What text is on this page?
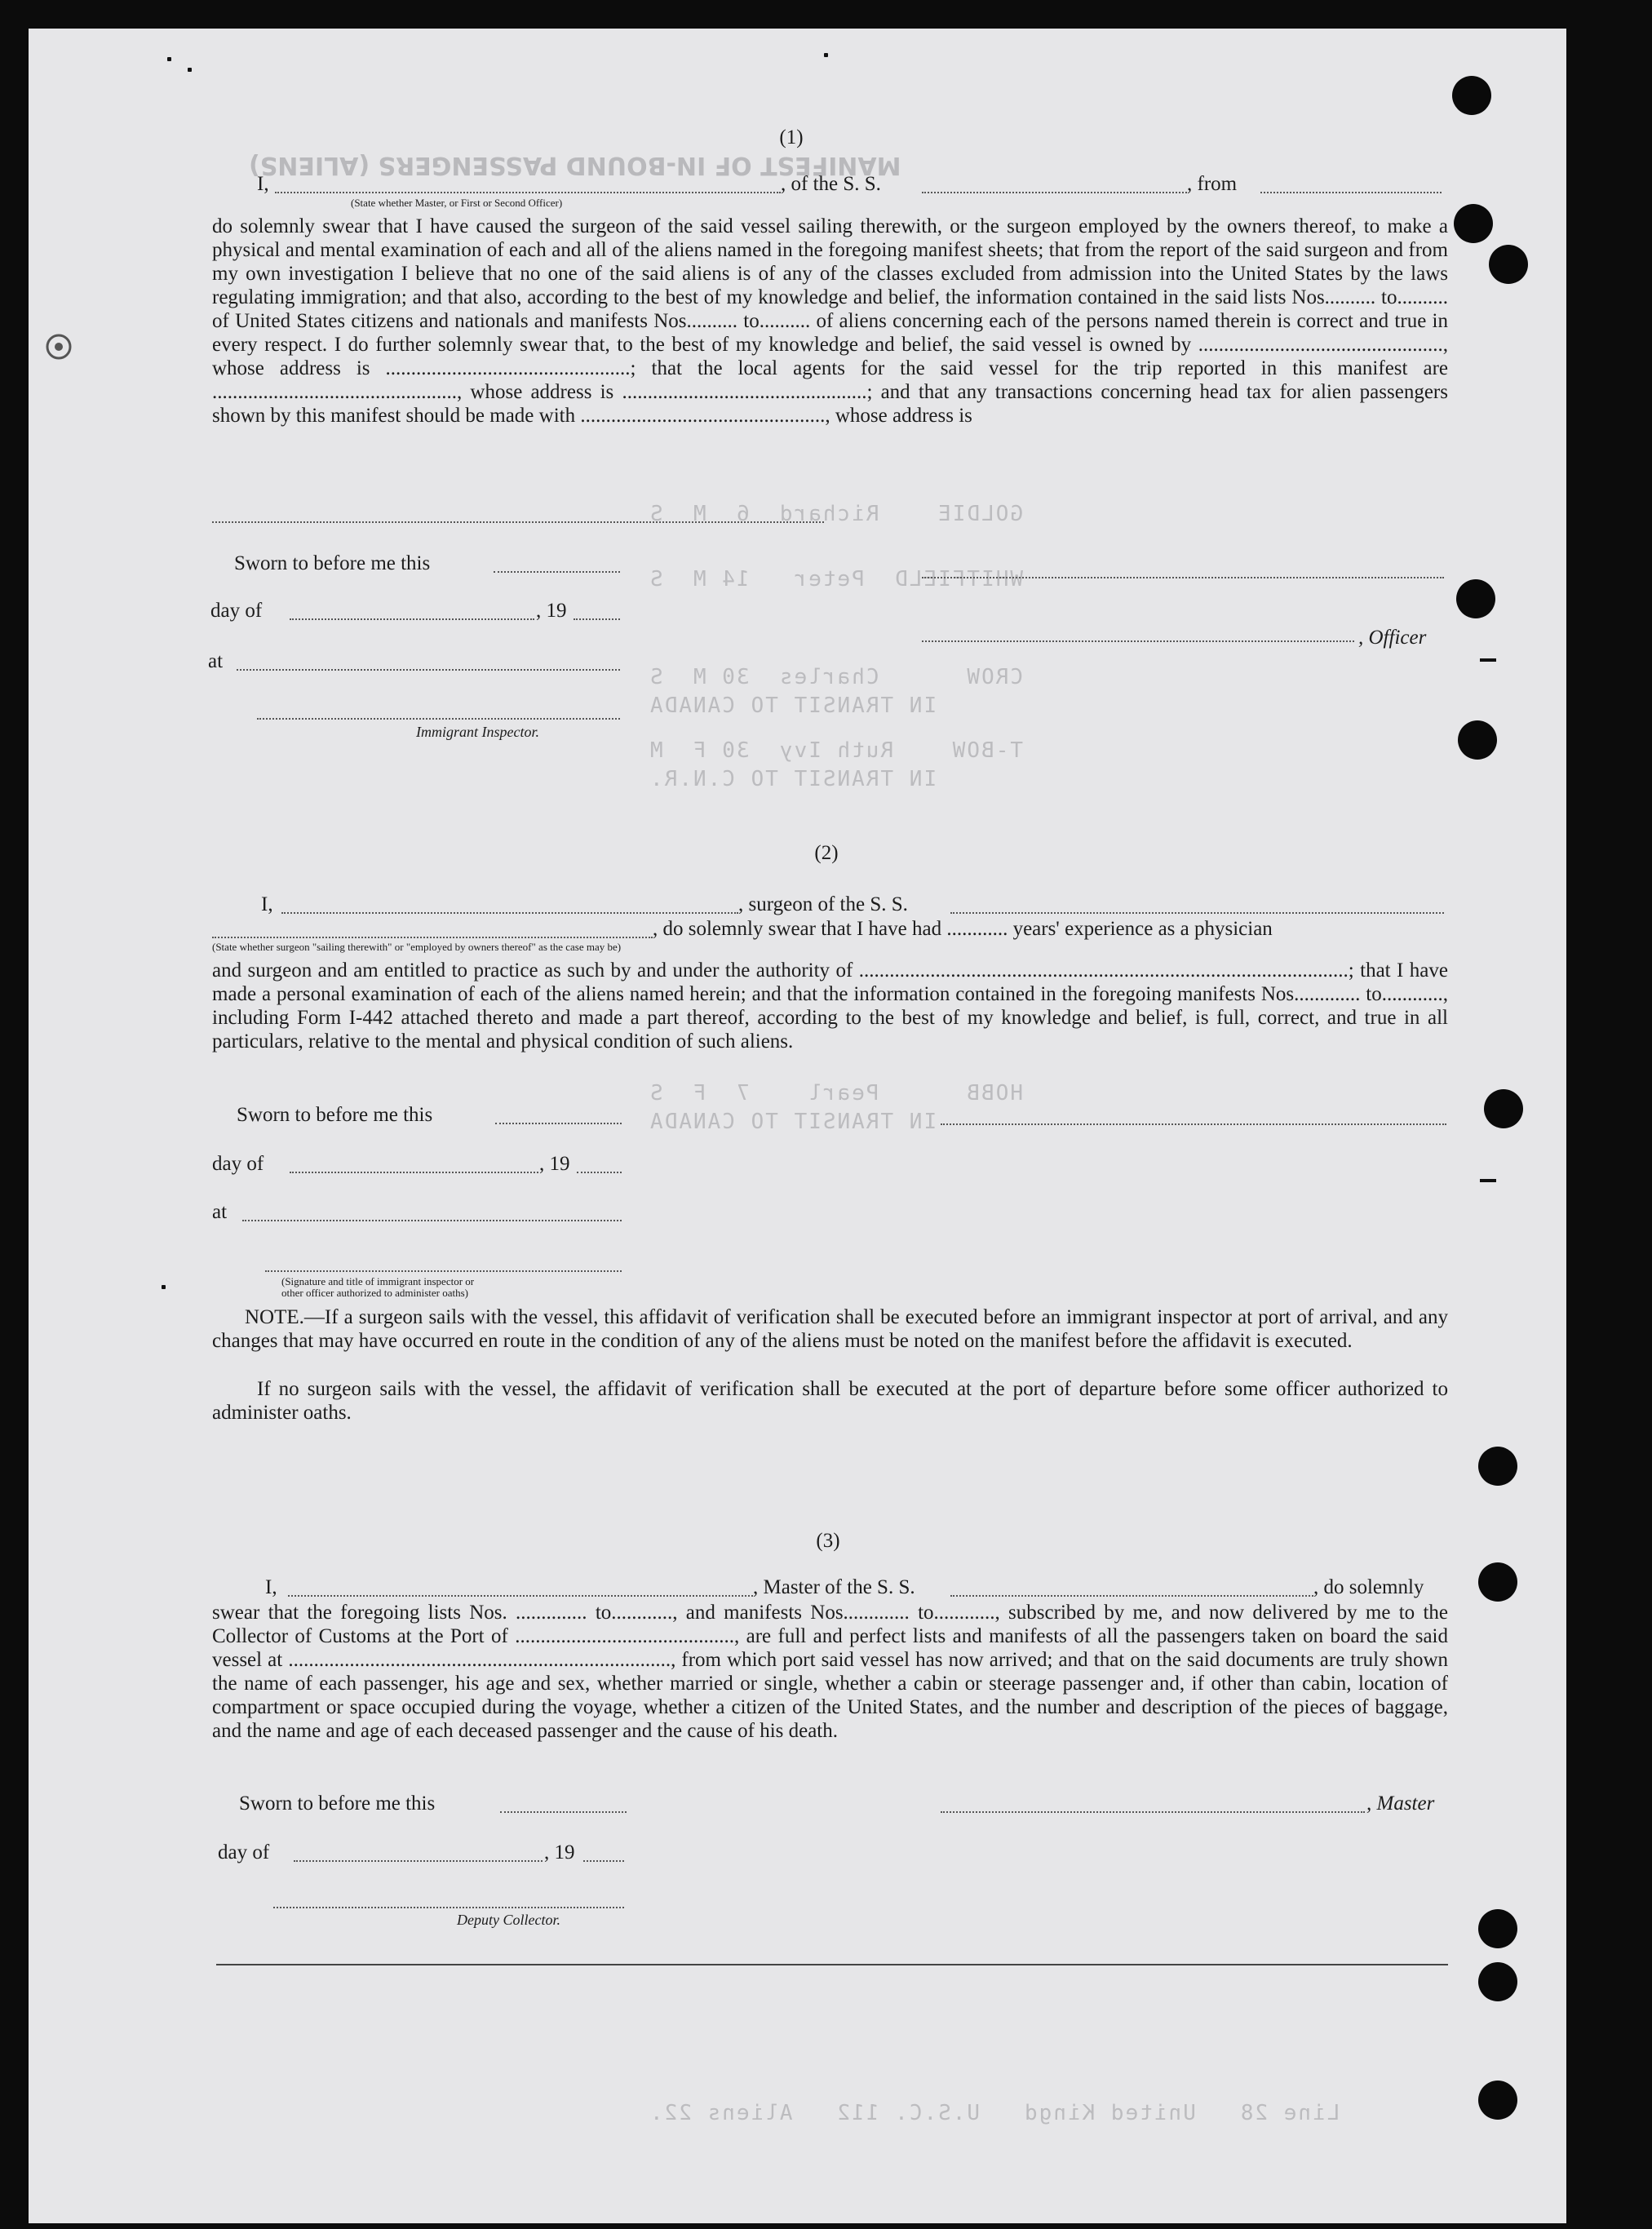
MANIFEST OF IN-BOUND PASSENGERS (ALIENS)
GOLDIE    Richard  6  M  S
WHITFIELD  Peter   14 M  S
CROW      Charles  30 M  S
IN TRANSIT TO CANADA
T-BOW    Ruth Ivy  30 F  M
IN TRANSIT TO C.N.R.
HOBB      Pearl    7  F  S
IN TRANSIT TO CANADA
Line 28   United Kingd   U.S.C. 112   Aliens 22.
(1)
I,	, of the S. S.	, from
(State whether Master, or First or Second Officer)

do solemnly swear that I have caused the surgeon of the said vessel sailing therewith, or the surgeon employed by the owners thereof, to make a physical and mental examination of each and all of the aliens named in the foregoing manifest sheets; that from the report of the said surgeon and from my own investigation I believe that no one of the said aliens is of any of the classes excluded from admission into the United States by the laws regulating immigration; and that also, according to the best of my knowledge and belief, the information contained in the said lists Nos.......... to.......... of United States citizens and nationals and manifests Nos.......... to.......... of aliens concerning each of the persons named therein is correct and true in every respect. I do further solemnly swear that, to the best of my knowledge and belief, the said vessel is owned by ................................................, whose address is ................................................; that the local agents for the said vessel for the trip reported in this manifest are ................................................, whose address is ................................................; and that any transactions concerning head tax for alien passengers shown by this manifest should be made with ................................................, whose address is

Sworn to before me this
day of	, 19
, Officer
at
Immigrant Inspector.
(2)
I,	, surgeon of the S. S.
, do solemnly swear that I have had ............ years' experience as a physician
(State whether surgeon "sailing therewith" or "employed by owners thereof" as the case may be)

and surgeon and am entitled to practice as such by and under the authority of ................................................................................................; that I have made a personal examination of each of the aliens named herein; and that the information contained in the foregoing manifests Nos............. to............, including Form I-442 attached thereto and made a part thereof, according to the best of my knowledge and belief, is full, correct, and true in all particulars, relative to the mental and physical condition of such aliens.

Sworn to before me this
day of	, 19
at
(Signature and title of immigrant inspector or
other officer authorized to administer oaths)

NOTE.—If a surgeon sails with the vessel, this affidavit of verification shall be executed before an immigrant inspector at port of arrival, and any changes that may have occurred en route in the condition of any of the aliens must be noted on the manifest before the affidavit is executed.

If no surgeon sails with the vessel, the affidavit of verification shall be executed at the port of departure before some officer authorized to administer oaths.

(3)
I,	, Master of the S. S.	, do solemnly

swear that the foregoing lists Nos. .............. to............, and manifests Nos............. to............, subscribed by me, and now delivered by me to the Collector of Customs at the Port of ..........................................., are full and perfect lists and manifests of all the passengers taken on board the said vessel at ..........................................................................., from which port said vessel has now arrived; and that on the said documents are truly shown the name of each passenger, his age and sex, whether married or single, whether a cabin or steerage passenger and, if other than cabin, location of compartment or space occupied during the voyage, whether a citizen of the United States, and the number and description of the pieces of baggage, and the name and age of each deceased passenger and the cause of his death.

Sworn to before me this	, Master
day of	, 19
Deputy Collector.
